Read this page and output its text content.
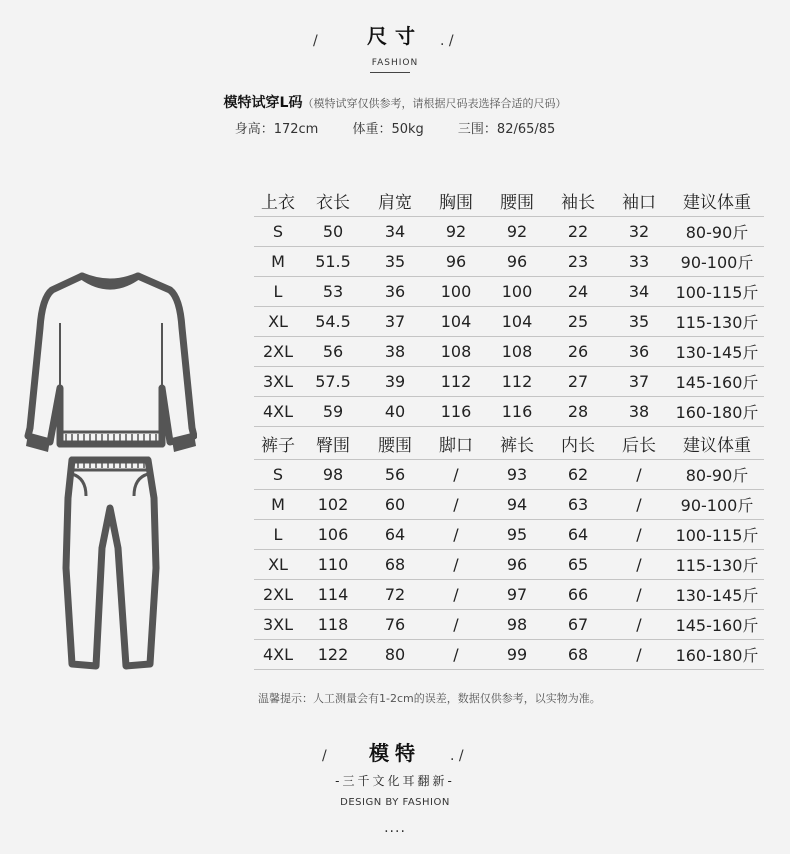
/	尺寸	. /
FASHION
模特试穿L码（模特试穿仅供参考，请根据尺码表选择合适的尺码）
身高：172cm	体重：50kg	三围：82/65/85
上衣	衣长	肩宽	胸围	腰围	袖长	袖口	建议体重
S	50	34	92	92	22	32	80-90斤
M	51.5	35	96	96	23	33	90-100斤
L	53	36	100	100	24	34	100-115斤
XL	54.5	37	104	104	25	35	115-130斤
2XL	56	38	108	108	26	36	130-145斤
3XL	57.5	39	112	112	27	37	145-160斤
4XL	59	40	116	116	28	38	160-180斤
裤子	臀围	腰围	脚口	裤长	内长	后长	建议体重
S	98	56	/	93	62	/	80-90斤
M	102	60	/	94	63	/	90-100斤
L	106	64	/	95	64	/	100-115斤
XL	110	68	/	96	65	/	115-130斤
2XL	114	72	/	97	66	/	130-145斤
3XL	118	76	/	98	67	/	145-160斤
4XL	122	80	/	99	68	/	160-180斤
温馨提示：人工测量会有1-2cm的误差，数据仅供参考，以实物为准。
/	模特	. /
-三千文化耳翻新-
DESIGN BY FASHION
....
